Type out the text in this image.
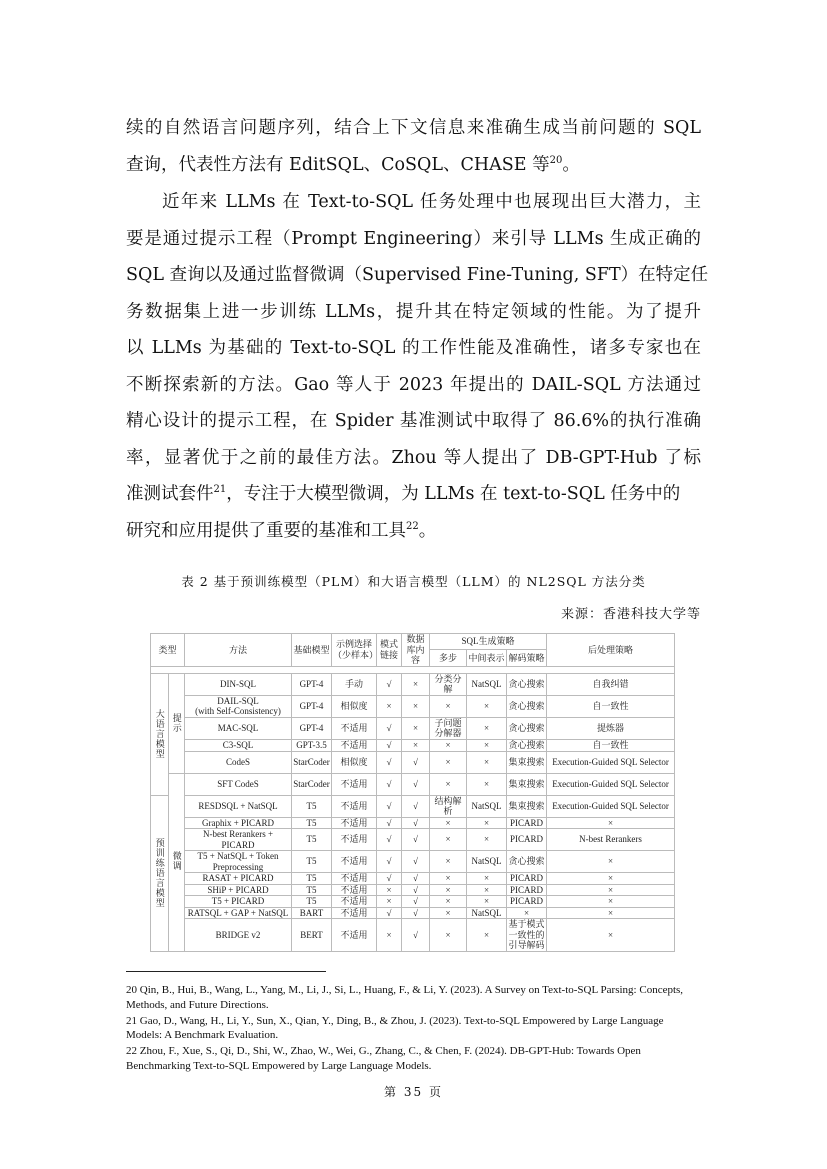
续的自然语言问题序列，结合上下文信息来准确生成当前问题的 SQL
查询，代表性方法有 EditSQL、CoSQL、CHASE 等$^{20}$。
近年来 LLMs 在 Text-to-SQL 任务处理中也展现出巨大潜力，主
要是通过提示工程（Prompt Engineering）来引导 LLMs 生成正确的
SQL 查询以及通过监督微调（Supervised Fine-Tuning, SFT）在特定任
务数据集上进一步训练 LLMs，提升其在特定领域的性能。为了提升
以 LLMs 为基础的 Text-to-SQL 的工作性能及准确性，诸多专家也在
不断探索新的方法。Gao 等人于 2023 年提出的 DAIL-SQL 方法通过
精心设计的提示工程，在 Spider 基准测试中取得了 86.6%的执行准确
率，显著优于之前的最佳方法。Zhou 等人提出了 DB-GPT-Hub 了标
准测试套件$^{21}$，专注于大模型微调，为 LLMs 在 text-to-SQL 任务中的
研究和应用提供了重要的基准和工具$^{22}$。
表 2 基于预训练模型（PLM）和大语言模型（LLM）的 NL2SQL 方法分类
来源：香港科技大学等
类型		方法	基础模型	示例选择（少样本）	模式链接	数据库内容	SQL生成策略			后处理策略
							多步	中间表示	解码策略	

大语言模型	提示	DIN-SQL	GPT-4	手动	√	×	分类分解	NatSQL	贪心搜索	自我纠错
		DAIL-SQL
(with Self-Consistency)	GPT-4	相似度	×	×	×	×	贪心搜索	自一致性
		MAC-SQL	GPT-4	不适用	√	×	子问题分解器	×	贪心搜索	提炼器
		C3-SQL	GPT-3.5	不适用	√	×	×	×	贪心搜索	自一致性
		CodeS	StarCoder	相似度	√	√	×	×	集束搜索	Execution-Guided SQL Selector
	微调	SFT CodeS	StarCoder	不适用	√	√	×	×	集束搜索	Execution-Guided SQL Selector
预训练语言模型		RESDSQL + NatSQL	T5	不适用	√	√	结构解析	NatSQL	集束搜索	Execution-Guided SQL Selector
		Graphix + PICARD	T5	不适用	√	√	×	×	PICARD	×
		N-best Rerankers + PICARD	T5	不适用	√	√	×	×	PICARD	N-best Rerankers
		T5 + NatSQL + Token Preprocessing	T5	不适用	√	√	×	NatSQL	贪心搜索	×
		RASAT + PICARD	T5	不适用	√	√	×	×	PICARD	×
		SHiP + PICARD	T5	不适用	×	√	×	×	PICARD	×
		T5 + PICARD	T5	不适用	×	√	×	×	PICARD	×
		RATSQL + GAP + NatSQL	BART	不适用	√	√	×	NatSQL	×	×
		BRIDGE v2	BERT	不适用	×	√	×	×	基于模式一致性的引导解码	×
20 Qin, B., Hui, B., Wang, L., Yang, M., Li, J., Si, L., Huang, F., & Li, Y. (2023). A Survey on Text-to-SQL Parsing: Concepts, Methods, and Future Directions.
21 Gao, D., Wang, H., Li, Y., Sun, X., Qian, Y., Ding, B., & Zhou, J. (2023). Text-to-SQL Empowered by Large Language Models: A Benchmark Evaluation.
22 Zhou, F., Xue, S., Qi, D., Shi, W., Zhao, W., Wei, G., Zhang, C., & Chen, F. (2024). DB-GPT-Hub: Towards Open Benchmarking Text-to-SQL Empowered by Large Language Models.
第 35 页
